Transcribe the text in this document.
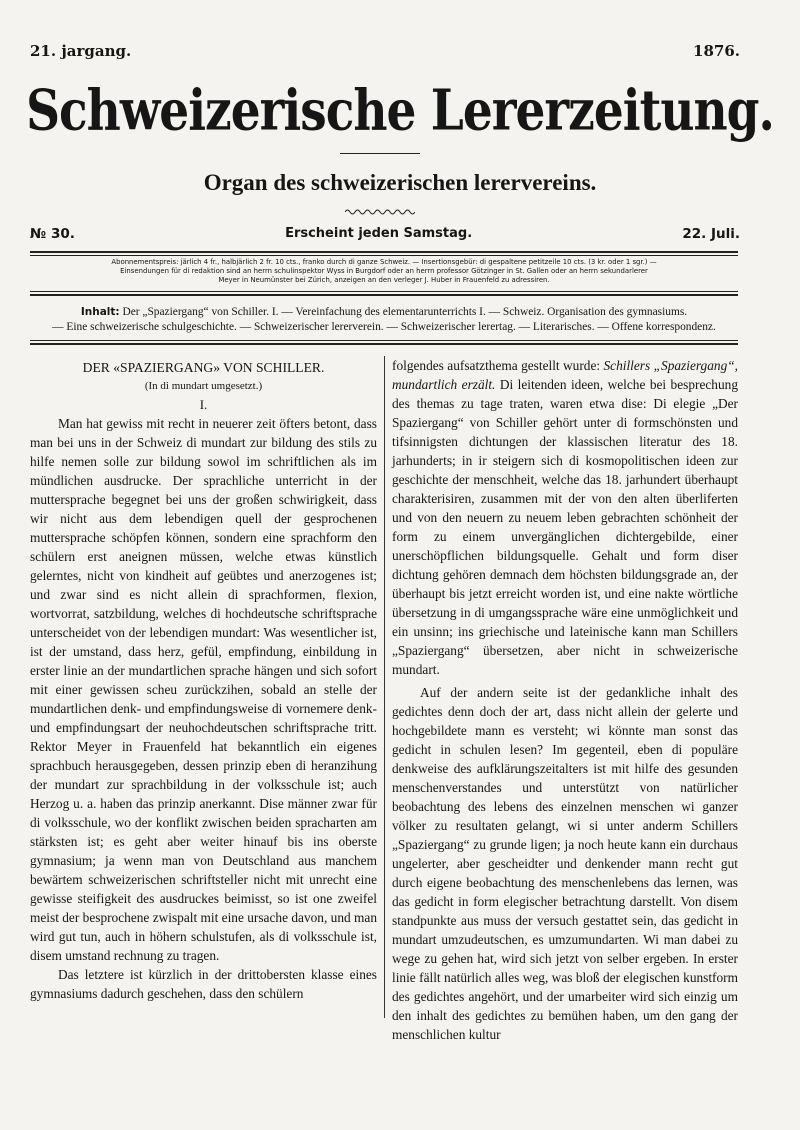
21. jargang.	1876.
Schweizerische Lererzeitung.
Organ des schweizerischen lerervereins.
№ 30.	Erscheint jeden Samstag.	22. Juli.
Abonnementspreis: järlich 4 fr., halbjärlich 2 fr. 10 cts., franko durch di ganze Schweiz. — Insertionsgebür: di gespaltene petitzeile 10 cts. (3 kr. oder 1 sgr.) —
Einsendungen für di redaktion sind an herrn schulinspektor Wyss in Burgdorf oder an herrn professor Götzinger in St. Gallen oder an herrn sekundarlerer
Meyer in Neumünster bei Zürich, anzeigen an den verleger J. Huber in Frauenfeld zu adressiren.
Inhalt: Der „Spaziergang“ von Schiller. I. — Vereinfachung des elementarunterrichts I. — Schweiz. Organisation des gymnasiums.
— Eine schweizerische schulgeschichte. — Schweizerischer lererverein. — Schweizerischer lerertag. — Literarisches. — Offene korrespondenz.
DER «SPAZIERGANG» VON SCHILLER.
(In di mundart umgesetzt.)
I.

Man hat gewiss mit recht in neuerer zeit öfters betont, dass man bei uns in der Schweiz di mundart zur bildung des stils zu hilfe nemen solle zur bildung sowol im schriftlichen als im mündlichen ausdrucke. Der sprachliche unterricht in der muttersprache begegnet bei uns der großen schwirigkeit, dass wir nicht aus dem lebendigen quell der gesprochenen muttersprache schöpfen können, sondern eine sprachform den schülern erst aneignen müssen, welche etwas künstlich gelerntes, nicht von kindheit auf geübtes und anerzogenes ist; und zwar sind es nicht allein di sprachformen, flexion, wortvorrat, satzbildung, welches di hochdeutsche schriftsprache unterscheidet von der lebendigen mundart: Was wesentlicher ist, ist der umstand, dass herz, gefül, empfindung, einbildung in erster linie an der mundartlichen sprache hängen und sich sofort mit einer gewissen scheu zurückzihen, sobald an stelle der mundartlichen denk- und empfindungsweise di vornemere denk- und empfindungsart der neuhochdeutschen schriftsprache tritt. Rektor Meyer in Frauenfeld hat bekanntlich ein eigenes sprachbuch herausgegeben, dessen prinzip eben di heranzihung der mundart zur sprachbildung in der volksschule ist; auch Herzog u. a. haben das prinzip anerkannt. Dise männer zwar für di volksschule, wo der konflikt zwischen beiden spracharten am stärksten ist; es geht aber weiter hinauf bis ins oberste gymnasium; ja wenn man von Deutschland aus manchem bewärtem schweizerischen schriftsteller nicht mit unrecht eine gewisse steifigkeit des ausdruckes beimisst, so ist one zweifel meist der besprochene zwispalt mit eine ursache davon, und man wird gut tun, auch in höhern schulstufen, als di volksschule ist, disem umstand rechnung zu tragen.

Das letztere ist kürzlich in der drittobersten klasse eines gymnasiums dadurch geschehen, dass den schülern

folgendes aufsatzthema gestellt wurde: Schillers „Spaziergang“, mundartlich erzält. Di leitenden ideen, welche bei besprechung des themas zu tage traten, waren etwa dise: Di elegie „Der Spaziergang“ von Schiller gehört unter di formschönsten und tifsinnigsten dichtungen der klassischen literatur des 18. jarhunderts; in ir steigern sich di kosmopolitischen ideen zur geschichte der menschheit, welche das 18. jarhundert überhaupt charakterisiren, zusammen mit der von den alten überliferten und von den neuern zu neuem leben gebrachten schönheit der form zu einem unvergänglichen dichtergebilde, einer unerschöpflichen bildungsquelle. Gehalt und form diser dichtung gehören demnach dem höchsten bildungsgrade an, der überhaupt bis jetzt erreicht worden ist, und eine nakte wörtliche übersetzung in di umgangssprache wäre eine unmöglichkeit und ein unsinn; ins griechische und lateinische kann man Schillers „Spaziergang“ übersetzen, aber nicht in schweizerische mundart.

Auf der andern seite ist der gedankliche inhalt des gedichtes denn doch der art, dass nicht allein der gelerte und hochgebildete mann es versteht; wi könnte man sonst das gedicht in schulen lesen? Im gegenteil, eben di populäre denkweise des aufklärungszeitalters ist mit hilfe des gesunden menschenverstandes und unterstützt von natürlicher beobachtung des lebens des einzelnen menschen wi ganzer völker zu resultaten gelangt, wi si unter anderm Schillers „Spaziergang“ zu grunde ligen; ja noch heute kann ein durchaus ungelerter, aber gescheidter und denkender mann recht gut durch eigene beobachtung des menschenlebens das lernen, was das gedicht in form elegischer betrachtung darstellt. Von disem standpunkte aus muss der versuch gestattet sein, das gedicht in mundart umzudeutschen, es umzumundarten. Wi man dabei zu wege zu gehen hat, wird sich jetzt von selber ergeben. In erster linie fällt natürlich alles weg, was bloß der elegischen kunstform des gedichtes angehört, und der umarbeiter wird sich einzig um den inhalt des gedichtes zu bemühen haben, um den gang der menschlichen kultur
